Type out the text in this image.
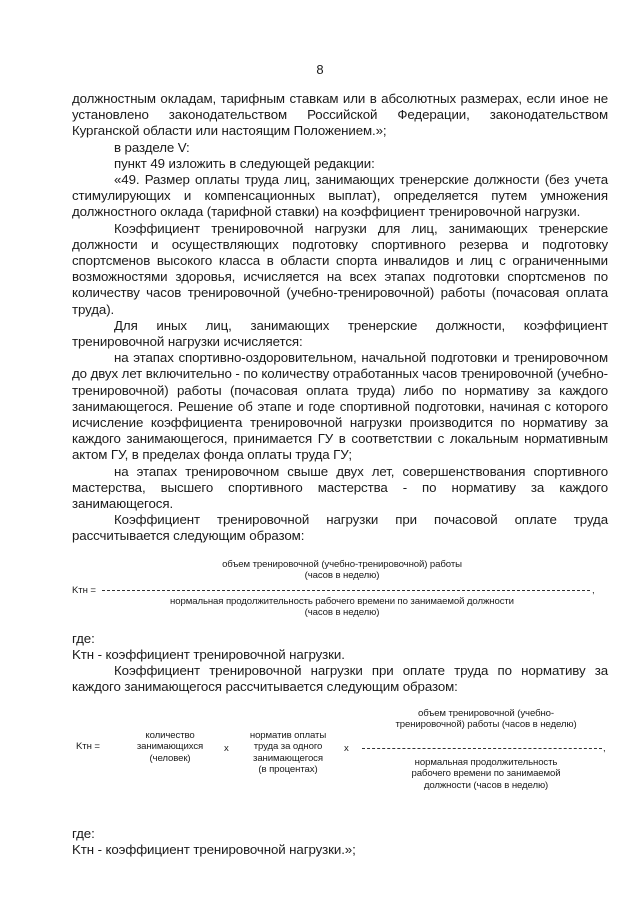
8

должностным окладам, тарифным ставкам или в абсолютных размерах, если иное не установлено законодательством Российской Федерации, законодательством Курганской области или настоящим Положением.»;

в разделе V:

пункт 49 изложить в следующей редакции:

«49. Размер оплаты труда лиц, занимающих тренерские должности (без учета стимулирующих и компенсационных выплат), определяется путем умножения должностного оклада (тарифной ставки) на коэффициент тренировочной нагрузки.

Коэффициент тренировочной нагрузки для лиц, занимающих тренерские должности и осуществляющих подготовку спортивного резерва и подготовку спортсменов высокого класса в области спорта инвалидов и лиц с ограниченными возможностями здоровья, исчисляется на всех этапах подготовки спортсменов по количеству часов тренировочной (учебно-тренировочной) работы (почасовая оплата труда).

Для иных лиц, занимающих тренерские должности, коэффициент тренировочной нагрузки исчисляется:

на этапах спортивно-оздоровительном, начальной подготовки и тренировочном до двух лет включительно - по количеству отработанных часов тренировочной (учебно-тренировочной) работы (почасовая оплата труда) либо по нормативу за каждого занимающегося. Решение об этапе и годе спортивной подготовки, начиная с которого исчисление коэффициента тренировочной нагрузки производится по нормативу за каждого занимающегося, принимается ГУ в соответствии с локальным нормативным актом ГУ, в пределах фонда оплаты труда ГУ;

на этапах тренировочном свыше двух лет, совершенствования спортивного мастерства, высшего спортивного мастерства - по нормативу за каждого занимающегося.

Коэффициент тренировочной нагрузки при почасовой оплате труда рассчитывается следующим образом:

объем тренировочной (учебно-тренировочной) работы
(часов в неделю)
Kтн =	,
нормальная продолжительность рабочего времени по занимаемой должности
(часов в неделю)

где:

Kтн - коэффициент тренировочной нагрузки.

Коэффициент тренировочной нагрузки при оплате труда по нормативу за каждого занимающегося рассчитывается следующим образом:

количество
занимающихся
(человек)
Kтн =	x
норматив оплаты
труда за одного
занимающегося
(в процентах)
x
объем тренировочной (учебно-
тренировочной) работы (часов в неделю)
,
нормальная продолжительность
рабочего времени по занимаемой
должности (часов в неделю)

где:

Kтн - коэффициент тренировочной нагрузки.»;
